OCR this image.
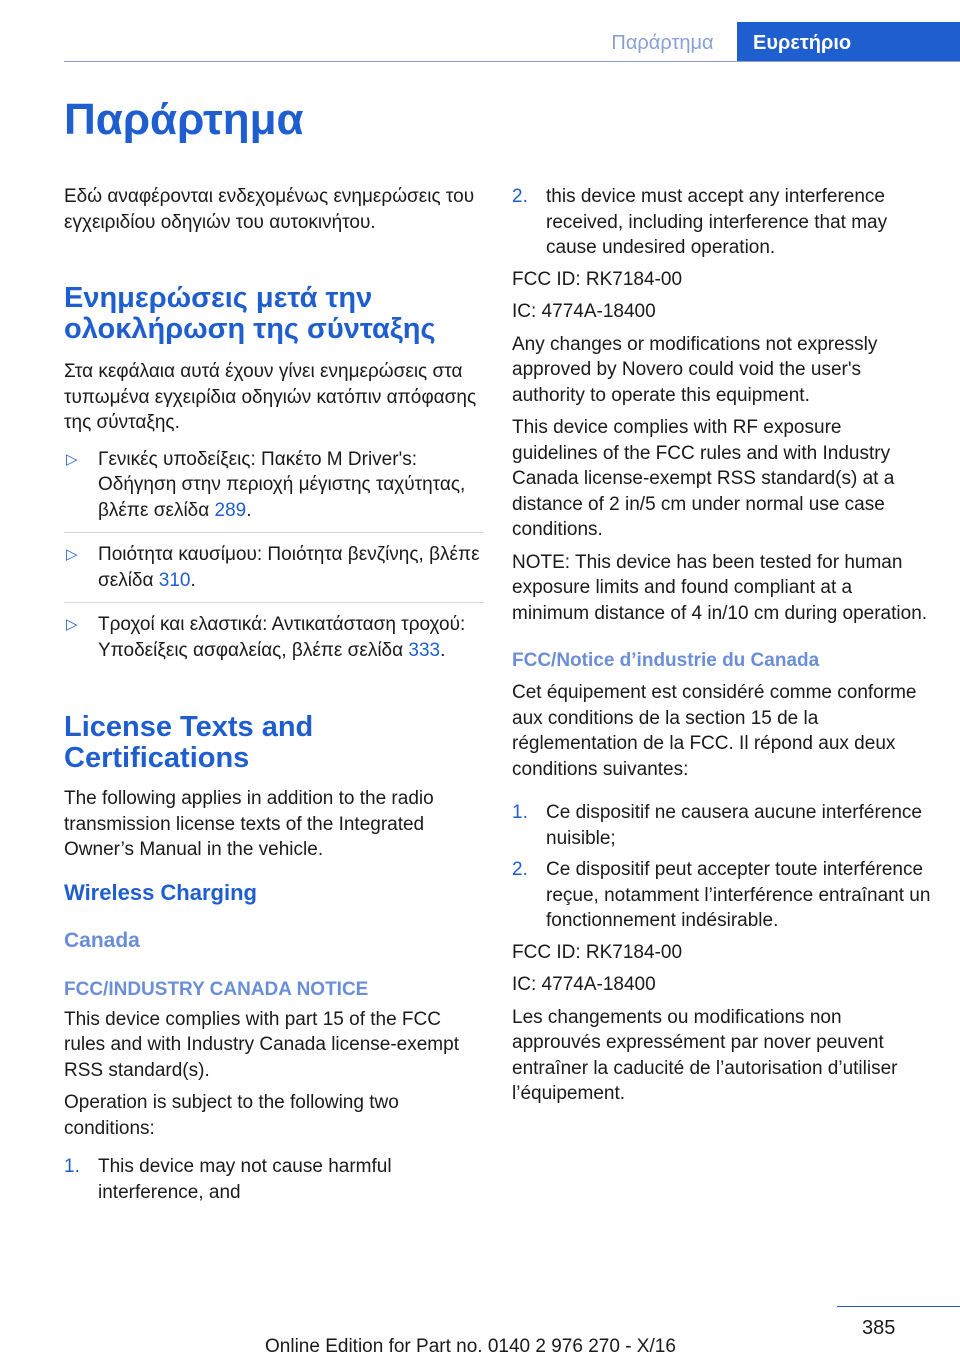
Παράρτημα	Ευρετήριο
Παράρτημα

Εδώ αναφέρονται ενδεχομένως ενημερώσεις του εγχειριδίου οδηγιών του αυτοκινήτου.

Ενημερώσεις μετά την ολοκλήρωση της σύνταξης

Στα κεφάλαια αυτά έχουν γίνει ενημερώσεις στα τυπωμένα εγχειρίδια οδηγιών κατόπιν απόφασης της σύνταξης.

▷ Γενικές υποδείξεις: Πακέτο M Driver's: Οδήγηση στην περιοχή μέγιστης ταχύτητας, βλέπε σελίδα 289.

▷ Ποιότητα καυσίμου: Ποιότητα βενζίνης, βλέπε σελίδα 310.

▷ Τροχοί και ελαστικά: Αντικατάσταση τροχού: Υποδείξεις ασφαλείας, βλέπε σελίδα 333.

License Texts and Certifications

The following applies in addition to the radio transmission license texts of the Integrated Owner’s Manual in the vehicle.

Wireless Charging
Canada
FCC/INDUSTRY CANADA NOTICE

This device complies with part 15 of the FCC rules and with Industry Canada license-exempt RSS standard(s).

Operation is subject to the following two conditions:

1. This device may not cause harmful interference, and

2. this device must accept any interference received, including interference that may cause undesired operation.

FCC ID: RK7184-00

IC: 4774A-18400

Any changes or modifications not expressly approved by Novero could void the user's authority to operate this equipment.

This device complies with RF exposure guidelines of the FCC rules and with Industry Canada license-exempt RSS standard(s) at a distance of 2 in/5 cm under normal use case conditions.

NOTE: This device has been tested for human exposure limits and found compliant at a minimum distance of 4 in/10 cm during operation.

FCC/Notice d’industrie du Canada

Cet équipement est considéré comme conforme aux conditions de la section 15 de la réglementation de la FCC. Il répond aux deux conditions suivantes:

1. Ce dispositif ne causera aucune interférence nuisible;

2. Ce dispositif peut accepter toute interférence reçue, notamment l’interférence entraînant un fonctionnement indésirable.

FCC ID: RK7184-00

IC: 4774A-18400

Les changements ou modifications non approuvés expressément par nover peuvent entraîner la caducité de l’autorisation d’utiliser l’équipement.

385
Online Edition for Part no. 0140 2 976 270 - X/16
